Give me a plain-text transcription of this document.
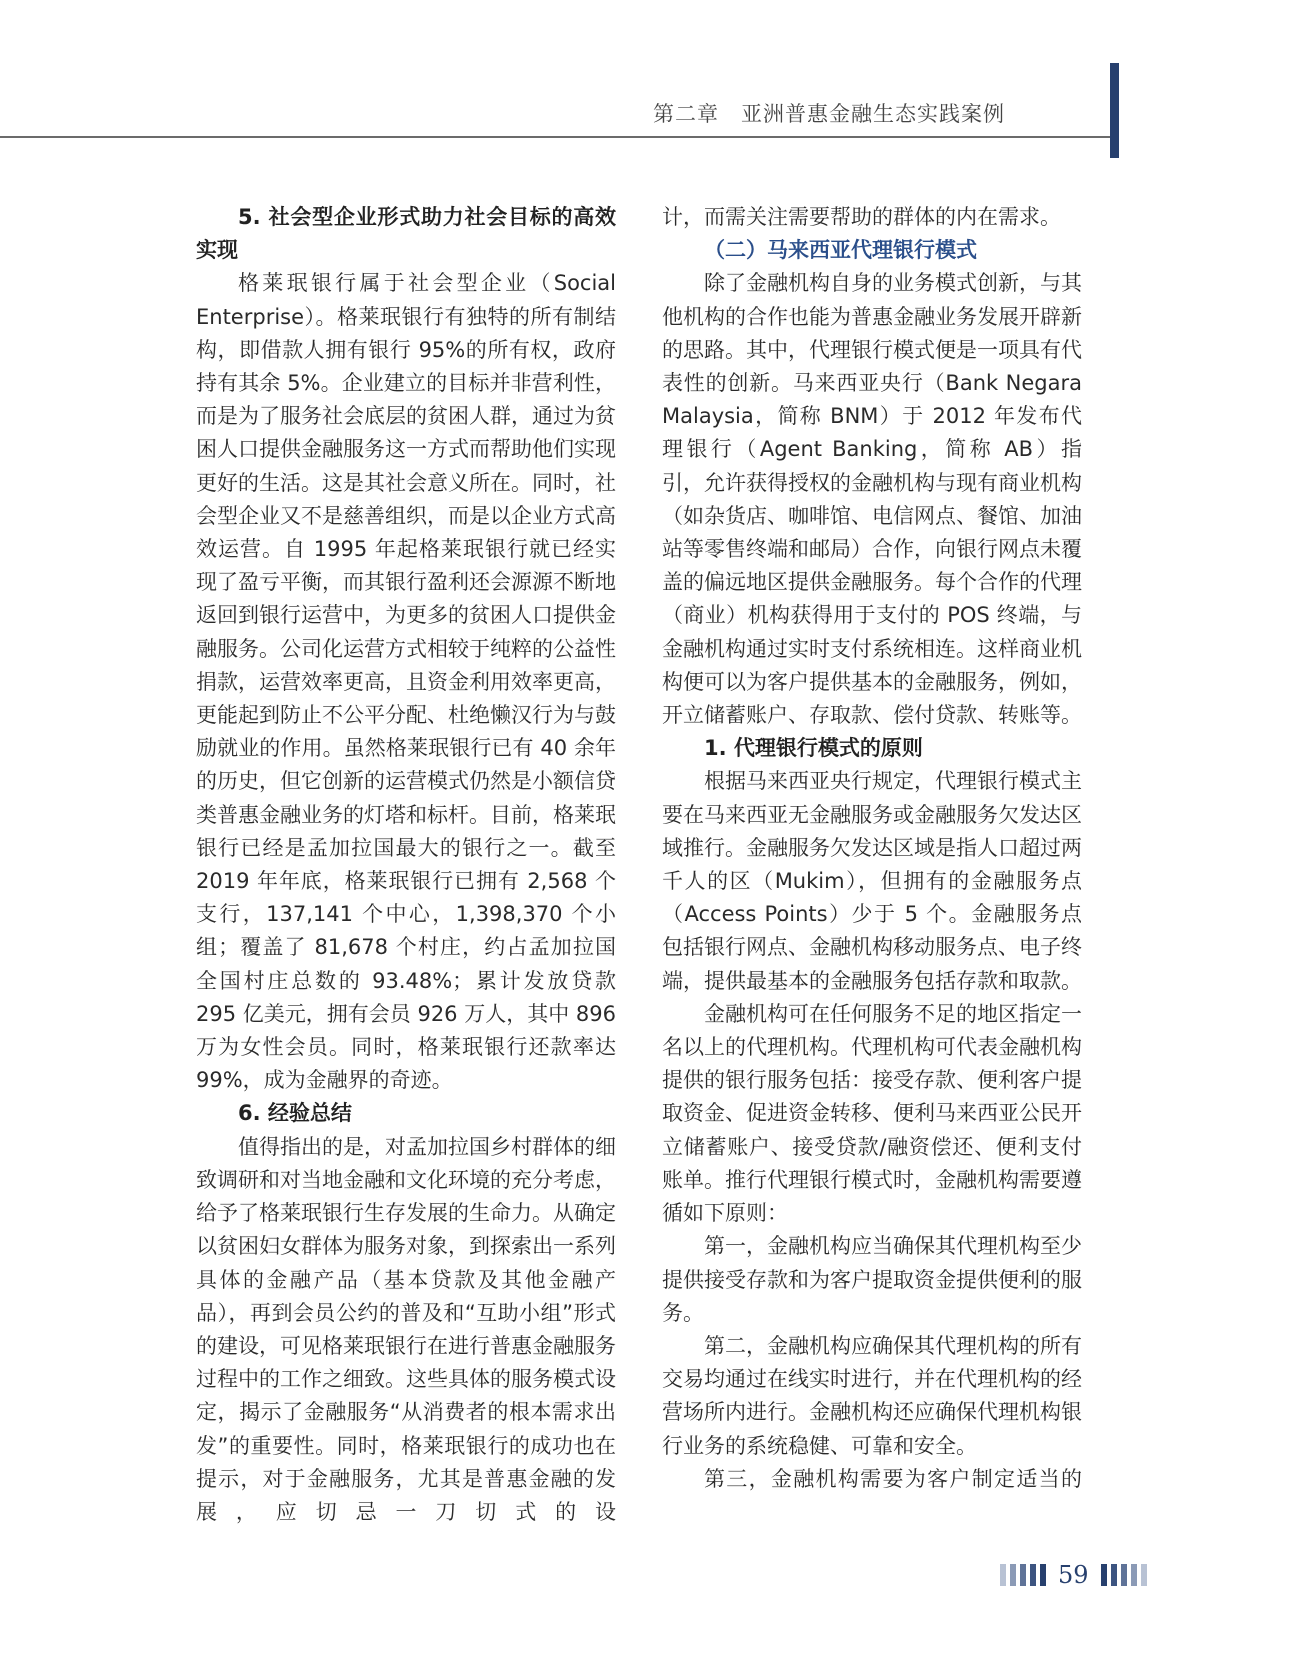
第二章　亚洲普惠金融生态实践案例

5. 社会型企业形式助力社会目标的高效实现

格莱珉银行属于社会型企业（Social Enterprise）。格莱珉银行有独特的所有制结构，即借款人拥有银行 95%的所有权，政府持有其余 5%。企业建立的目标并非营利性，而是为了服务社会底层的贫困人群，通过为贫困人口提供金融服务这一方式而帮助他们实现更好的生活。这是其社会意义所在。同时，社会型企业又不是慈善组织，而是以企业方式高效运营。自 1995 年起格莱珉银行就已经实现了盈亏平衡，而其银行盈利还会源源不断地返回到银行运营中，为更多的贫困人口提供金融服务。公司化运营方式相较于纯粹的公益性捐款，运营效率更高，且资金利用效率更高，更能起到防止不公平分配、杜绝懒汉行为与鼓励就业的作用。虽然格莱珉银行已有 40 余年的历史，但它创新的运营模式仍然是小额信贷类普惠金融业务的灯塔和标杆。目前，格莱珉银行已经是孟加拉国最大的银行之一。截至 2019 年年底，格莱珉银行已拥有 2,568 个支行，137,141 个中心，1,398,370 个小组；覆盖了 81,678 个村庄，约占孟加拉国全国村庄总数的 93.48%；累计发放贷款 295 亿美元，拥有会员 926 万人，其中 896 万为女性会员。同时，格莱珉银行还款率达 99%，成为金融界的奇迹。

6. 经验总结

值得指出的是，对孟加拉国乡村群体的细致调研和对当地金融和文化环境的充分考虑，给予了格莱珉银行生存发展的生命力。从确定以贫困妇女群体为服务对象，到探索出一系列具体的金融产品（基本贷款及其他金融产品），再到会员公约的普及和“互助小组”形式的建设，可见格莱珉银行在进行普惠金融服务过程中的工作之细致。这些具体的服务模式设定，揭示了金融服务“从消费者的根本需求出发”的重要性。同时，格莱珉银行的成功也在提示，对于金融服务，尤其是普惠金融的发展，应切忌一刀切式的设

计，而需关注需要帮助的群体的内在需求。

（二）马来西亚代理银行模式

除了金融机构自身的业务模式创新，与其他机构的合作也能为普惠金融业务发展开辟新的思路。其中，代理银行模式便是一项具有代表性的创新。马来西亚央行（Bank Negara Malaysia，简称 BNM）于 2012 年发布代理银行（Agent Banking，简称 AB）指引，允许获得授权的金融机构与现有商业机构（如杂货店、咖啡馆、电信网点、餐馆、加油站等零售终端和邮局）合作，向银行网点未覆盖的偏远地区提供金融服务。每个合作的代理（商业）机构获得用于支付的 POS 终端，与金融机构通过实时支付系统相连。这样商业机构便可以为客户提供基本的金融服务，例如，开立储蓄账户、存取款、偿付贷款、转账等。

1. 代理银行模式的原则

根据马来西亚央行规定，代理银行模式主要在马来西亚无金融服务或金融服务欠发达区域推行。金融服务欠发达区域是指人口超过两千人的区（Mukim），但拥有的金融服务点（Access Points）少于 5 个。金融服务点包括银行网点、金融机构移动服务点、电子终端，提供最基本的金融服务包括存款和取款。

金融机构可在任何服务不足的地区指定一名以上的代理机构。代理机构可代表金融机构提供的银行服务包括：接受存款、便利客户提取资金、促进资金转移、便利马来西亚公民开立储蓄账户、接受贷款/融资偿还、便利支付账单。推行代理银行模式时，金融机构需要遵循如下原则：

第一，金融机构应当确保其代理机构至少提供接受存款和为客户提取资金提供便利的服务。

第二，金融机构应确保其代理机构的所有交易均通过在线实时进行，并在代理机构的经营场所内进行。金融机构还应确保代理机构银行业务的系统稳健、可靠和安全。

第三，金融机构需要为客户制定适当的

59
